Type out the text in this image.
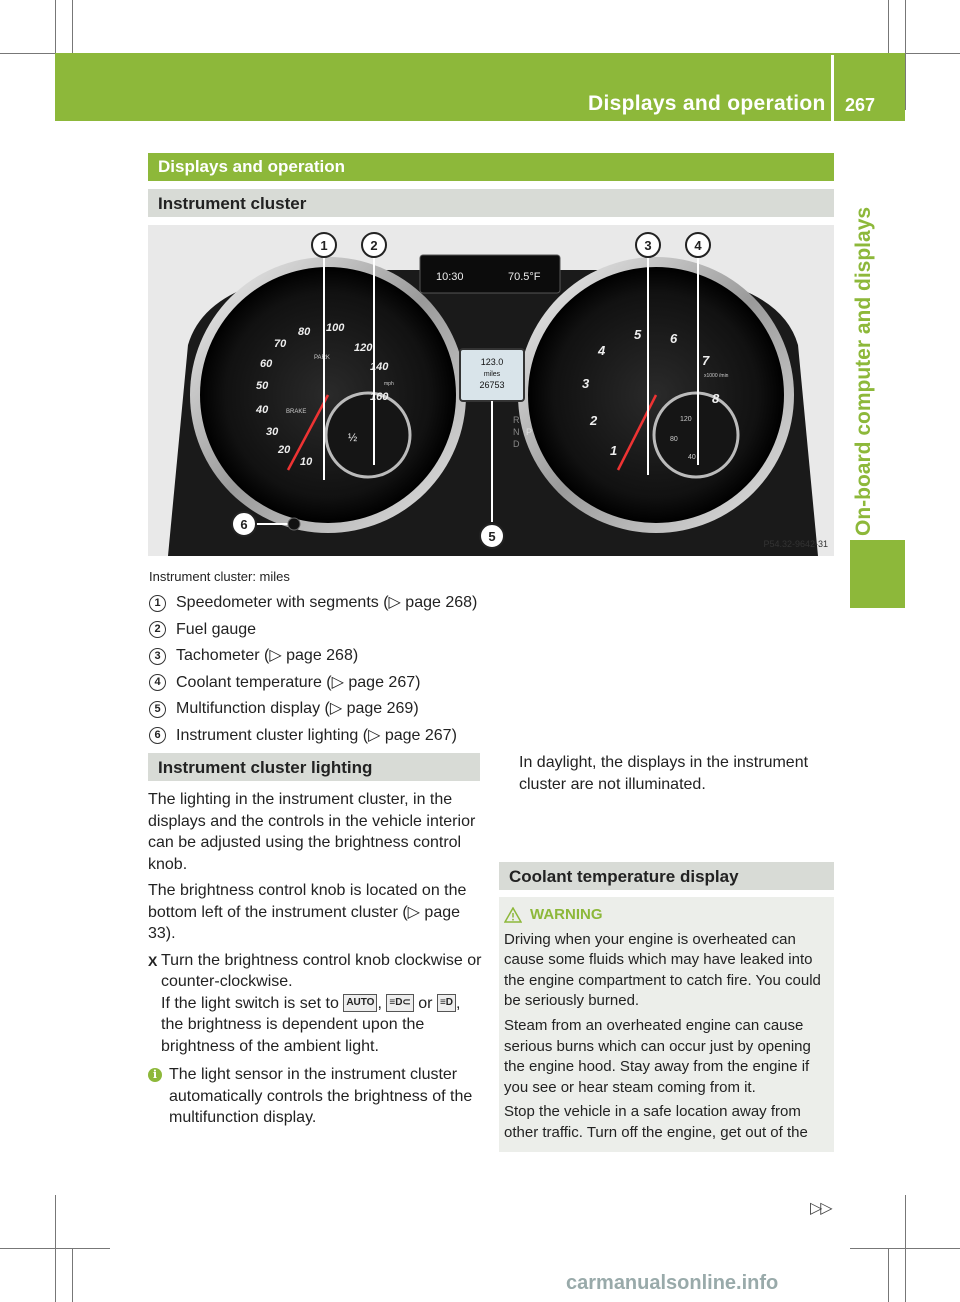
Displays and operation 267
On-board computer and displays
Displays and operation
Instrument cluster
10:30	70.5°F
123.0
miles
26753
R
N
D
P
10
20
30
40
50
60
70
80 100
120
140
160
BRAKE
PARK
½
mph
1
2
3
4
5 6
7
8
x1000 /min
120
80
40
1	2	3	4
5
6
P54.32-9642-31
Instrument cluster: miles
1 Speedometer with segments (▷ page 268)
2 Fuel gauge
3 Tachometer (▷ page 268)
4 Coolant temperature (▷ page 267)
5 Multifunction display (▷ page 269)
6 Instrument cluster lighting (▷ page 267)
Instrument cluster lighting

The lighting in the instrument cluster, in the displays and the controls in the vehicle interior can be adjusted using the brightness control knob.

The brightness control knob is located on the bottom left of the instrument cluster (▷ page 33).

X Turn the brightness control knob clockwise or counter-clockwise.
If the light switch is set to AUTO , ≡D⊂ or ≡D , the brightness is dependent upon the brightness of the ambient light.
i The light sensor in the instrument cluster automatically controls the brightness of the multifunction display.
In daylight, the displays in the instrument cluster are not illuminated.
Coolant temperature display
WARNING

Driving when your engine is overheated can cause some fluids which may have leaked into the engine compartment to catch fire. You could be seriously burned.

Steam from an overheated engine can cause serious burns which can occur just by opening the engine hood. Stay away from the engine if you see or hear steam coming from it.

Stop the vehicle in a safe location away from other traffic. Turn off the engine, get out of the

▷▷
carmanualsonline.info
